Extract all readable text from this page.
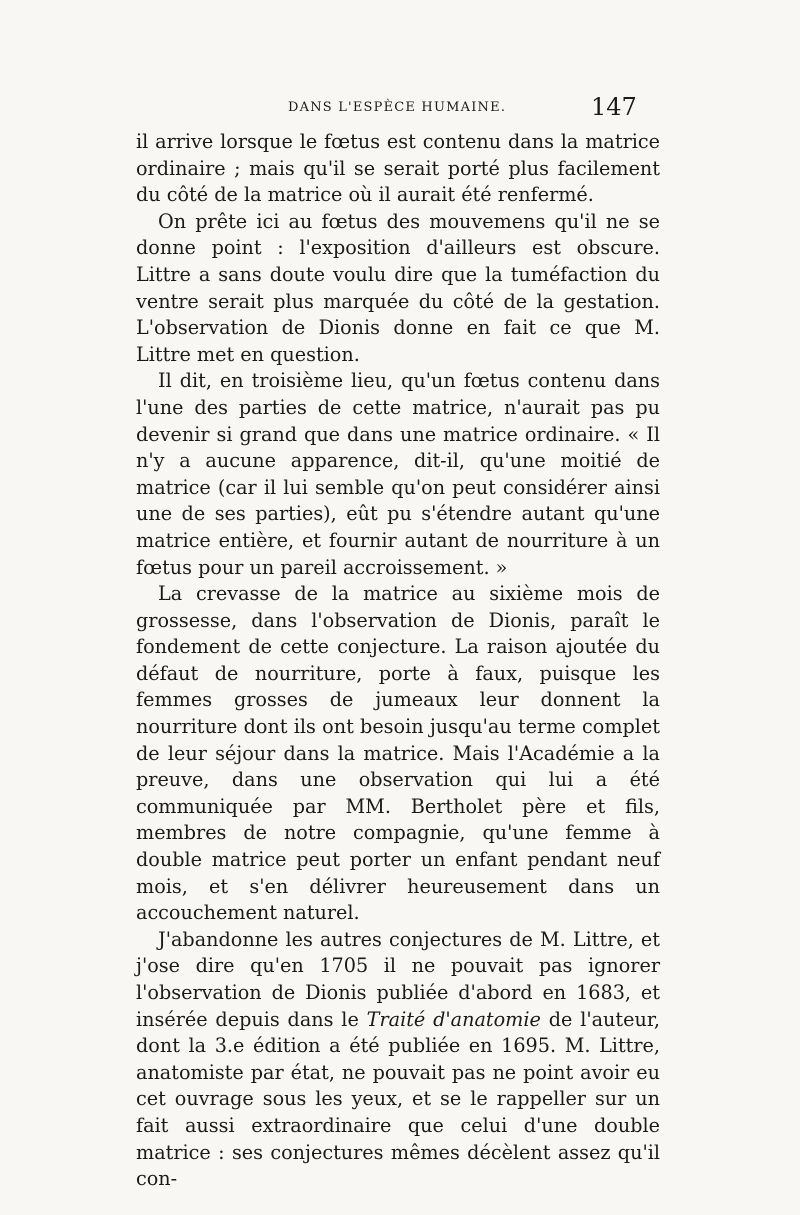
DANS L'ESPÈCE HUMAINE.	147

il arrive lorsque le fœtus est contenu dans la matrice ordinaire ; mais qu'il se serait porté plus facilement du côté de la matrice où il aurait été renfermé.

On prête ici au fœtus des mouvemens qu'il ne se donne point : l'exposition d'ailleurs est obscure. Littre a sans doute voulu dire que la tuméfaction du ventre serait plus marquée du côté de la gestation. L'observation de Dionis donne en fait ce que M. Littre met en question.

Il dit, en troisième lieu, qu'un fœtus contenu dans l'une des parties de cette matrice, n'aurait pas pu devenir si grand que dans une matrice ordinaire. « Il n'y a aucune apparence, dit-il, qu'une moitié de matrice (car il lui semble qu'on peut considérer ainsi une de ses parties), eût pu s'étendre autant qu'une matrice entière, et fournir autant de nourriture à un fœtus pour un pareil accroissement. »

La crevasse de la matrice au sixième mois de grossesse, dans l'observation de Dionis, paraît le fondement de cette conjecture. La raison ajoutée du défaut de nourriture, porte à faux, puisque les femmes grosses de jumeaux leur donnent la nourriture dont ils ont besoin jusqu'au terme complet de leur séjour dans la matrice. Mais l'Académie a la preuve, dans une observation qui lui a été communiquée par MM. Bertholet père et fils, membres de notre compagnie, qu'une femme à double matrice peut porter un enfant pendant neuf mois, et s'en délivrer heureusement dans un accouchement naturel.

J'abandonne les autres conjectures de M. Littre, et j'ose dire qu'en 1705 il ne pouvait pas ignorer l'observation de Dionis publiée d'abord en 1683, et insérée depuis dans le Traité d'anatomie de l'auteur, dont la 3.e édition a été publiée en 1695. M. Littre, anatomiste par état, ne pouvait pas ne point avoir eu cet ouvrage sous les yeux, et se le rappeller sur un fait aussi extraordinaire que celui d'une double matrice : ses conjectures mêmes décèlent assez qu'il con-
